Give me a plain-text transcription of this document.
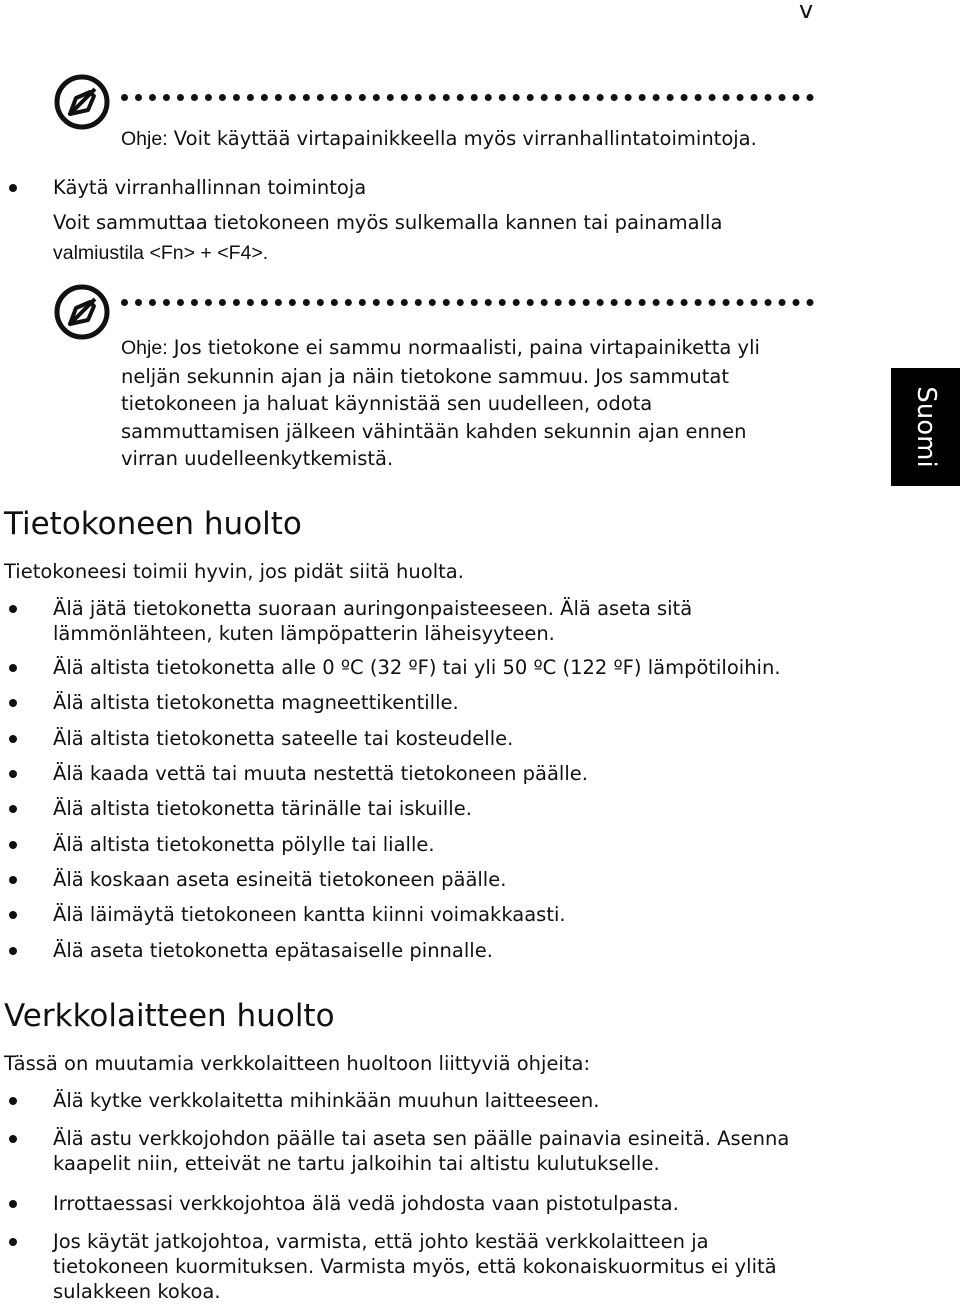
v
Suomi
Ohje: Voit käyttää virtapainikkeella myös virranhallintatoimintoja.
Käytä virranhallinnan toimintoja
Voit sammuttaa tietokoneen myös sulkemalla kannen tai painamalla
valmiustila <Fn> + <F4>.
Ohje: Jos tietokone ei sammu normaalisti, paina virtapainiketta yli
neljän sekunnin ajan ja näin tietokone sammuu. Jos sammutat
tietokoneen ja haluat käynnistää sen uudelleen, odota
sammuttamisen jälkeen vähintään kahden sekunnin ajan ennen
virran uudelleenkytkemistä.
Tietokoneen huolto
Tietokoneesi toimii hyvin, jos pidät siitä huolta.
Älä jätä tietokonetta suoraan auringonpaisteeseen. Älä aseta sitä
lämmönlähteen, kuten lämpöpatterin läheisyyteen.
Älä altista tietokonetta alle 0 ºC (32 ºF) tai yli 50 ºC (122 ºF) lämpötiloihin.
Älä altista tietokonetta magneettikentille.
Älä altista tietokonetta sateelle tai kosteudelle.
Älä kaada vettä tai muuta nestettä tietokoneen päälle.
Älä altista tietokonetta tärinälle tai iskuille.
Älä altista tietokonetta pölylle tai lialle.
Älä koskaan aseta esineitä tietokoneen päälle.
Älä läimäytä tietokoneen kantta kiinni voimakkaasti.
Älä aseta tietokonetta epätasaiselle pinnalle.
Verkkolaitteen huolto
Tässä on muutamia verkkolaitteen huoltoon liittyviä ohjeita:
Älä kytke verkkolaitetta mihinkään muuhun laitteeseen.
Älä astu verkkojohdon päälle tai aseta sen päälle painavia esineitä. Asenna
kaapelit niin, etteivät ne tartu jalkoihin tai altistu kulutukselle.
Irrottaessasi verkkojohtoa älä vedä johdosta vaan pistotulpasta.
Jos käytät jatkojohtoa, varmista, että johto kestää verkkolaitteen ja
tietokoneen kuormituksen. Varmista myös, että kokonaiskuormitus ei ylitä
sulakkeen kokoa.
